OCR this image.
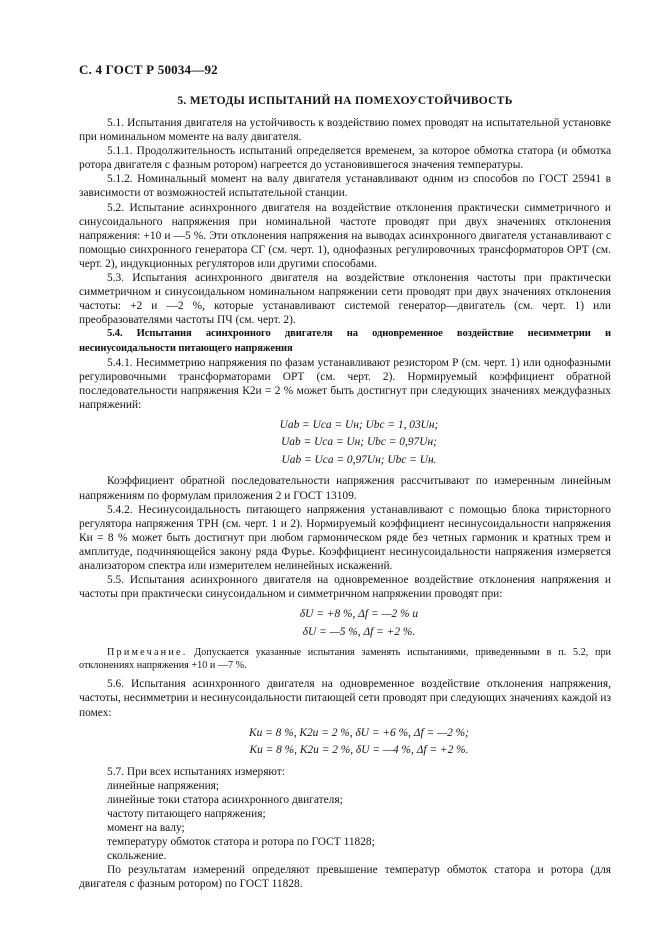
С. 4 ГОСТ Р 50034—92
5. МЕТОДЫ ИСПЫТАНИЙ НА ПОМЕХОУСТОЙЧИВОСТЬ

5.1. Испытания двигателя на устойчивость к воздействию помех проводят на испытательной установке при номинальном моменте на валу двигателя.

5.1.1. Продолжительность испытаний определяется временем, за которое обмотка статора (и обмотка ротора двигателя с фазным ротором) нагреется до установившегося значения температуры.

5.1.2. Номинальный момент на валу двигателя устанавливают одним из способов по ГОСТ 25941 в зависимости от возможностей испытательной станции.

5.2. Испытание асинхронного двигателя на воздействие отклонения практически симметричного и синусоидального напряжения при номинальной частоте проводят при двух значениях отклонения напряжения: +10 и —5 %. Эти отклонения напряжения на выводах асинхронного двигателя устанавливают с помощью синхронного генератора СГ (см. черт. 1), однофазных регулировочных трансформаторов ОРТ (см. черт. 2), индукционных регуляторов или другими способами.

5.3. Испытания асинхронного двигателя на воздействие отклонения частоты при практически симметричном и синусоидальном номинальном напряжении сети проводят при двух значениях отклонения частоты: +2 и —2 %, которые устанавливают системой генератор—двигатель (см. черт. 1) или преобразователями частоты ПЧ (см. черт. 2).

5.4. Испытания асинхронного двигателя на одновременное воздействие несимметрии и несинусоидальности питающего напряжения

5.4.1. Несимметрию напряжения по фазам устанавливают резистором Р (см. черт. 1) или однофазными регулировочными трансформаторами ОРТ (см. черт. 2). Нормируемый коэффициент обратной последовательности напряжения К2и = 2 % может быть достигнут при следующих значениях междуфазных напряжений:

Uab = Uca = Uн; Ubc = 1, 03Uн;

Uab = Uca = Uн; Ubc = 0,97Uн;

Uab = Uca = 0,97Uн; Ubc = Uн.

Коэффициент обратной последовательности напряжения рассчитывают по измеренным линейным напряжениям по формулам приложения 2 и ГОСТ 13109.

5.4.2. Несинусоидальность питающего напряжения устанавливают с помощью блока тиристорного регулятора напряжения ТРН (см. черт. 1 и 2). Нормируемый коэффициент несинусоидальности напряжения Ки = 8 % может быть достигнут при любом гармоническом ряде без четных гармоник и кратных трем и амплитуде, подчиняющейся закону ряда Фурье. Коэффициент несинусоидальности напряжения измеряется анализатором спектра или измерителем нелинейных искажений.

5.5. Испытания асинхронного двигателя на одновременное воздействие отклонения напряжения и частоты при практически синусоидальном и симметричном напряжении проводят при:

δU = +8 %, Δf = —2 % и

δU = —5 %, Δf = +2 %.

Примечание. Допускается указанные испытания заменять испытаниями, приведенными в п. 5.2, при отклонениях напряжения +10 и —7 %.

5.6. Испытания асинхронного двигателя на одновременное воздействие отклонения напряжения, частоты, несимметрии и несинусоидальности питающей сети проводят при следующих значениях каждой из помех:

Ки = 8 %, К2и = 2 %, δU = +6 %, Δf = —2 %;

Ки = 8 %, К2и = 2 %, δU = —4 %, Δf = +2 %.

5.7. При всех испытаниях измеряют:

линейные напряжения;
линейные токи статора асинхронного двигателя;
частоту питающего напряжения;
момент на валу;
температуру обмоток статора и ротора по ГОСТ 11828;
скольжение.

По результатам измерений определяют превышение температур обмоток статора и ротора (для двигателя с фазным ротором) по ГОСТ 11828.
